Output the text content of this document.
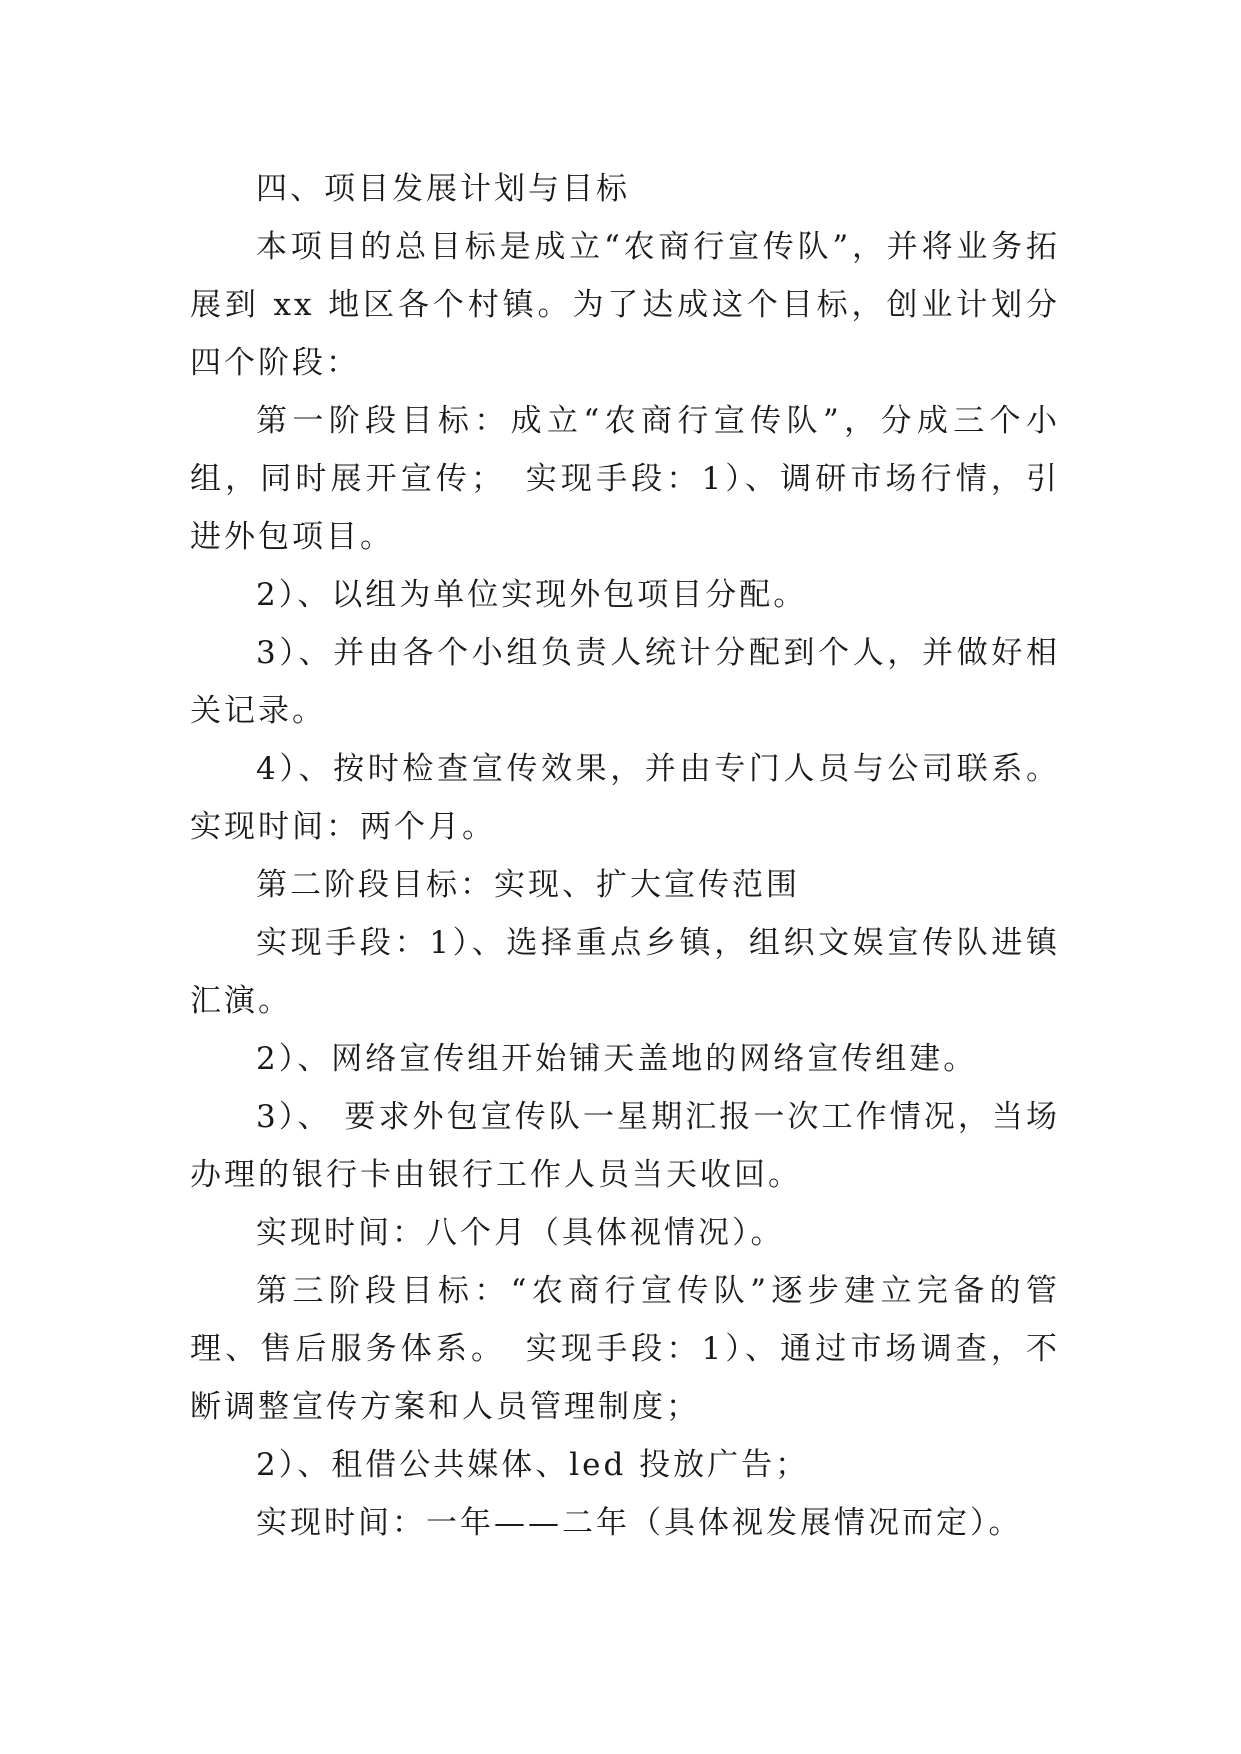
四、项目发展计划与目标

本项目的总目标是成立“农商行宣传队”，并将业务拓展到 xx 地区各个村镇。为了达成这个目标，创业计划分四个阶段：

第一阶段目标：成立“农商行宣传队”，分成三个小组，同时展开宣传；　实现手段：1）、调研市场行情，引进外包项目。

2）、以组为单位实现外包项目分配。

3）、并由各个小组负责人统计分配到个人，并做好相关记录。

4）、按时检查宣传效果，并由专门人员与公司联系。实现时间：两个月。

第二阶段目标：实现、扩大宣传范围

实现手段：1）、选择重点乡镇，组织文娱宣传队进镇汇演。

2）、网络宣传组开始铺天盖地的网络宣传组建。

3）、 要求外包宣传队一星期汇报一次工作情况，当场办理的银行卡由银行工作人员当天收回。

实现时间：八个月（具体视情况）。

第三阶段目标：“农商行宣传队”逐步建立完备的管理、售后服务体系。　实现手段：1）、通过市场调查，不断调整宣传方案和人员管理制度；

2）、租借公共媒体、led 投放广告；

实现时间：一年——二年（具体视发展情况而定）。
